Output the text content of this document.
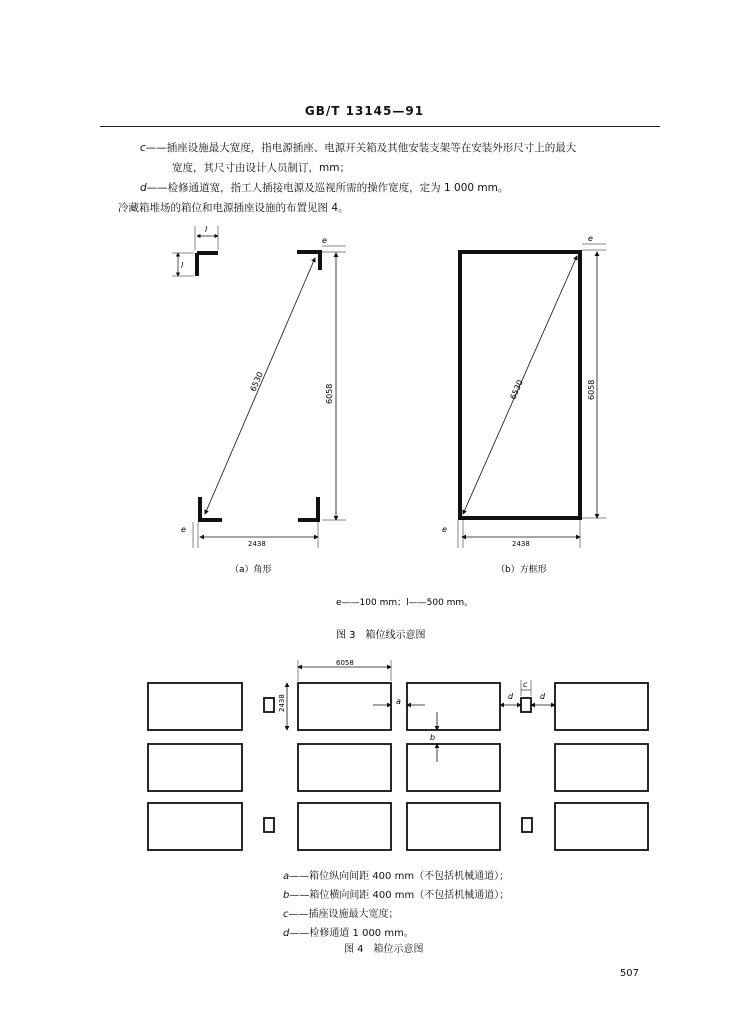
GB/T 13145—91
c——插座设施最大宽度，指电源插座、电源开关箱及其他安装支架等在安装外形尺寸上的最大
宽度，其尺寸由设计人员制订，mm；
d——检修通道宽，指工人插接电源及巡视所需的操作宽度，定为 1 000 mm。
冷藏箱堆场的箱位和电源插座设施的布置见图 4。
l
l
6530
6058
e
2438
e
6530	6058
e
2438
e
（a）角形	（b）方框形
e——100 mm；l——500 mm。
图 3　箱位线示意图
6058
2438	a
b
c
d	d
a——箱位纵向间距 400 mm（不包括机械通道）；
b——箱位横向间距 400 mm（不包括机械通道）；
c——插座设施最大宽度；
d——检修通道 1 000 mm。
图 4　箱位示意图
507
